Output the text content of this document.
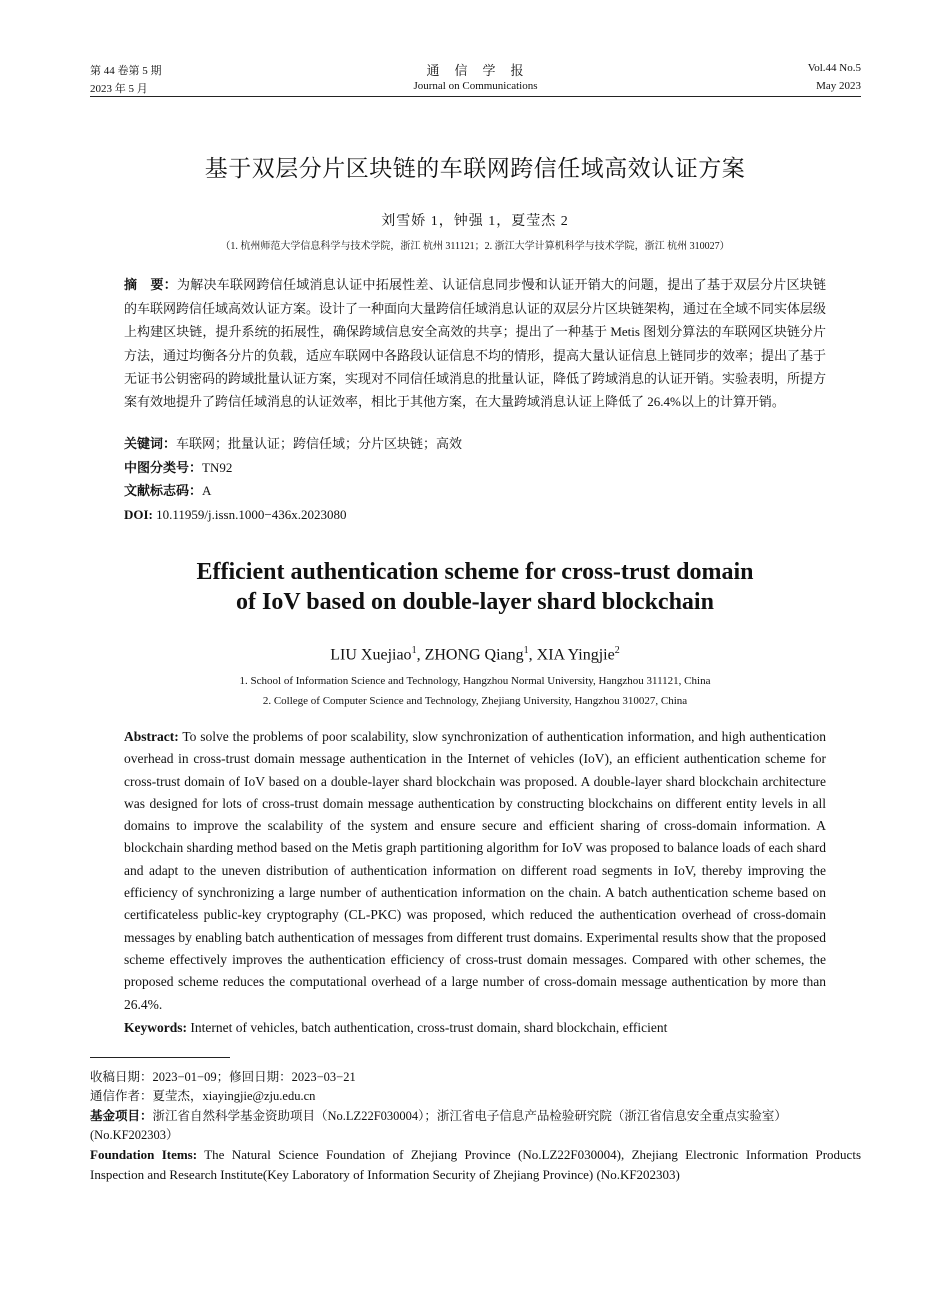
第 44 卷第 5 期
2023 年 5 月
通　信　学　报
Journal on Communications
Vol.44 No.5
May 2023
基于双层分片区块链的车联网跨信任域高效认证方案
刘雪娇 1，钟强 1，夏莹杰 2
（1. 杭州师范大学信息科学与技术学院，浙江 杭州 311121；2. 浙江大学计算机科学与技术学院，浙江 杭州 310027）
摘　要：为解决车联网跨信任域消息认证中拓展性差、认证信息同步慢和认证开销大的问题，提出了基于双层分片区块链的车联网跨信任域高效认证方案。设计了一种面向大量跨信任域消息认证的双层分片区块链架构，通过在全域不同实体层级上构建区块链，提升系统的拓展性，确保跨域信息安全高效的共享；提出了一种基于 Metis 图划分算法的车联网区块链分片方法，通过均衡各分片的负载，适应车联网中各路段认证信息不均的情形，提高大量认证信息上链同步的效率；提出了基于无证书公钥密码的跨域批量认证方案，实现对不同信任域消息的批量认证，降低了跨域消息的认证开销。实验表明，所提方案有效地提升了跨信任域消息的认证效率，相比于其他方案，在大量跨域消息认证上降低了 26.4%以上的计算开销。
关键词：车联网；批量认证；跨信任域；分片区块链；高效
中图分类号：TN92
文献标志码：A
DOI: 10.11959/j.issn.1000−436x.2023080
Efficient authentication scheme for cross-trust domain
of IoV based on double-layer shard blockchain
LIU Xuejiao$^1$, ZHONG Qiang$^1$, XIA Yingjie$^2$
1. School of Information Science and Technology, Hangzhou Normal University, Hangzhou 311121, China
2. College of Computer Science and Technology, Zhejiang University, Hangzhou 310027, China
Abstract: To solve the problems of poor scalability, slow synchronization of authentication information, and high authentication overhead in cross-trust domain message authentication in the Internet of vehicles (IoV), an efficient authentication scheme for cross-trust domain of IoV based on a double-layer shard blockchain was proposed. A double-layer shard blockchain architecture was designed for lots of cross-trust domain message authentication by constructing blockchains on different entity levels in all domains to improve the scalability of the system and ensure secure and efficient sharing of cross-domain information. A blockchain sharding method based on the Metis graph partitioning algorithm for IoV was proposed to balance loads of each shard and adapt to the uneven distribution of authentication information on different road segments in IoV, thereby improving the efficiency of synchronizing a large number of authentication information on the chain. A batch authentication scheme based on certificateless public-key cryptography (CL-PKC) was proposed, which reduced the authentication overhead of cross-domain messages by enabling batch authentication of messages from different trust domains. Experimental results show that the proposed scheme effectively improves the authentication efficiency of cross-trust domain messages. Compared with other schemes, the proposed scheme reduces the computational overhead of a large number of cross-domain message authentication by more than 26.4%.
Keywords: Internet of vehicles, batch authentication, cross-trust domain, shard blockchain, efficient
收稿日期：2023−01−09；修回日期：2023−03−21
通信作者：夏莹杰，xiayingjie@zju.edu.cn
基金项目：浙江省自然科学基金资助项目（No.LZ22F030004）；浙江省电子信息产品检验研究院（浙江省信息安全重点实验室）(No.KF202303）
Foundation Items: The Natural Science Foundation of Zhejiang Province (No.LZ22F030004), Zhejiang Electronic Information Products Inspection and Research Institute(Key Laboratory of Information Security of Zhejiang Province) (No.KF202303)
